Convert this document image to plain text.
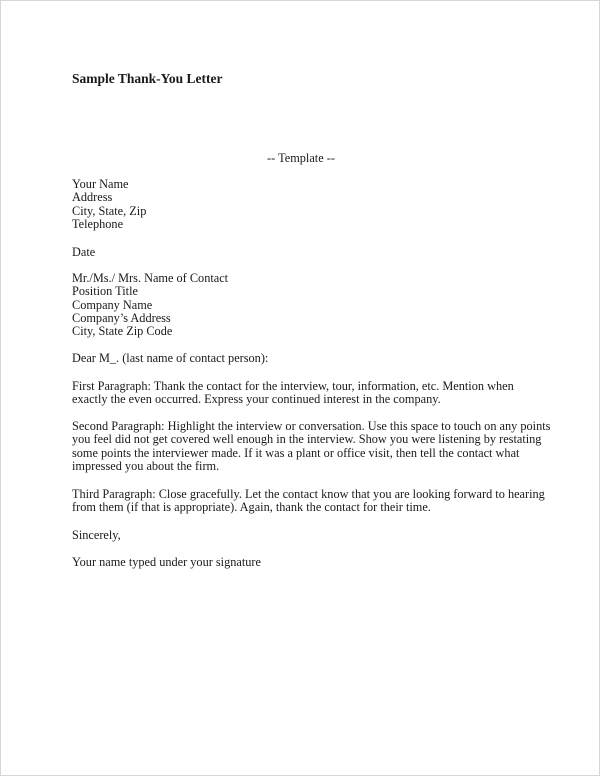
Sample Thank-You Letter
-- Template --
Your Name
Address
City, State, Zip
Telephone
Date
Mr./Ms./ Mrs. Name of Contact
Position Title
Company Name
Company’s Address
City, State Zip Code
Dear M_. (last name of contact person):
First Paragraph: Thank the contact for the interview, tour, information, etc. Mention when
exactly the even occurred. Express your continued interest in the company.
Second Paragraph: Highlight the interview or conversation. Use this space to touch on any points
you feel did not get covered well enough in the interview. Show you were listening by restating
some points the interviewer made. If it was a plant or office visit, then tell the contact what
impressed you about the firm.
Third Paragraph: Close gracefully. Let the contact know that you are looking forward to hearing
from them (if that is appropriate). Again, thank the contact for their time.
Sincerely,
Your name typed under your signature
